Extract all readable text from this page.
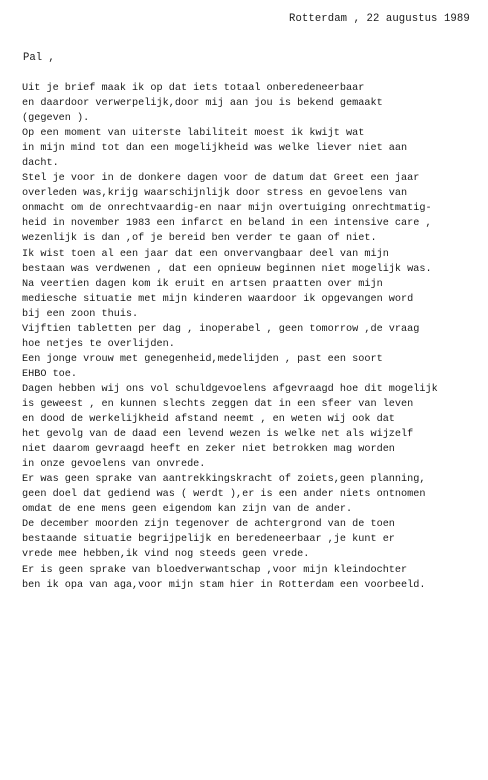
Rotterdam , 22 augustus 1989
Pal ,
Uit je brief maak ik op dat iets totaal onberedeneerbaar
en daardoor verwerpelijk,door mij aan jou is bekend gemaakt
(gegeven ).
Op een moment van uiterste labiliteit moest ik kwijt wat
in mijn mind tot dan een mogelijkheid was welke liever niet aan
dacht.
Stel je voor in de donkere dagen voor de datum dat Greet een jaar
overleden was,krijg waarschijnlijk door stress en gevoelens van
onmacht om de onrechtvaardig-en naar mijn overtuiging onrechtmatig-
heid in november 1983 een infarct en beland in een intensive care ,
wezenlijk is dan ,of je bereid ben verder te gaan of niet.
Ik wist toen al een jaar dat een onvervangbaar deel van mijn
bestaan was verdwenen , dat een opnieuw beginnen niet mogelijk was.
Na veertien dagen kom ik eruit en artsen praatten over mijn
mediesche situatie met mijn kinderen waardoor ik opgevangen word
bij een zoon thuis.
Vijftien tabletten per dag , inoperabel , geen tomorrow ,de vraag
hoe netjes te overlijden.
Een jonge vrouw met genegenheid,medelijden , past een soort
EHBO toe.
Dagen hebben wij ons vol schuldgevoelens afgevraagd hoe dit mogelijk
is geweest , en kunnen slechts zeggen dat in een sfeer van leven
en dood de werkelijkheid afstand neemt , en weten wij ook dat
het gevolg van de daad een levend wezen is welke net als wijzelf
niet daarom gevraagd heeft en zeker niet betrokken mag worden
in onze gevoelens van onvrede.
Er was geen sprake van aantrekkingskracht of zoiets,geen planning,
geen doel dat gediend was ( werdt ),er is een ander niets ontnomen
omdat de ene mens geen eigendom kan zijn van de ander.
De december moorden zijn tegenover de achtergrond van de toen
bestaande situatie begrijpelijk en beredeneerbaar ,je kunt er
vrede mee hebben,ik vind nog steeds geen vrede.
Er is geen sprake van bloedverwantschap ,voor mijn kleindochter
ben ik opa van aga,voor mijn stam hier in Rotterdam een voorbeeld.
